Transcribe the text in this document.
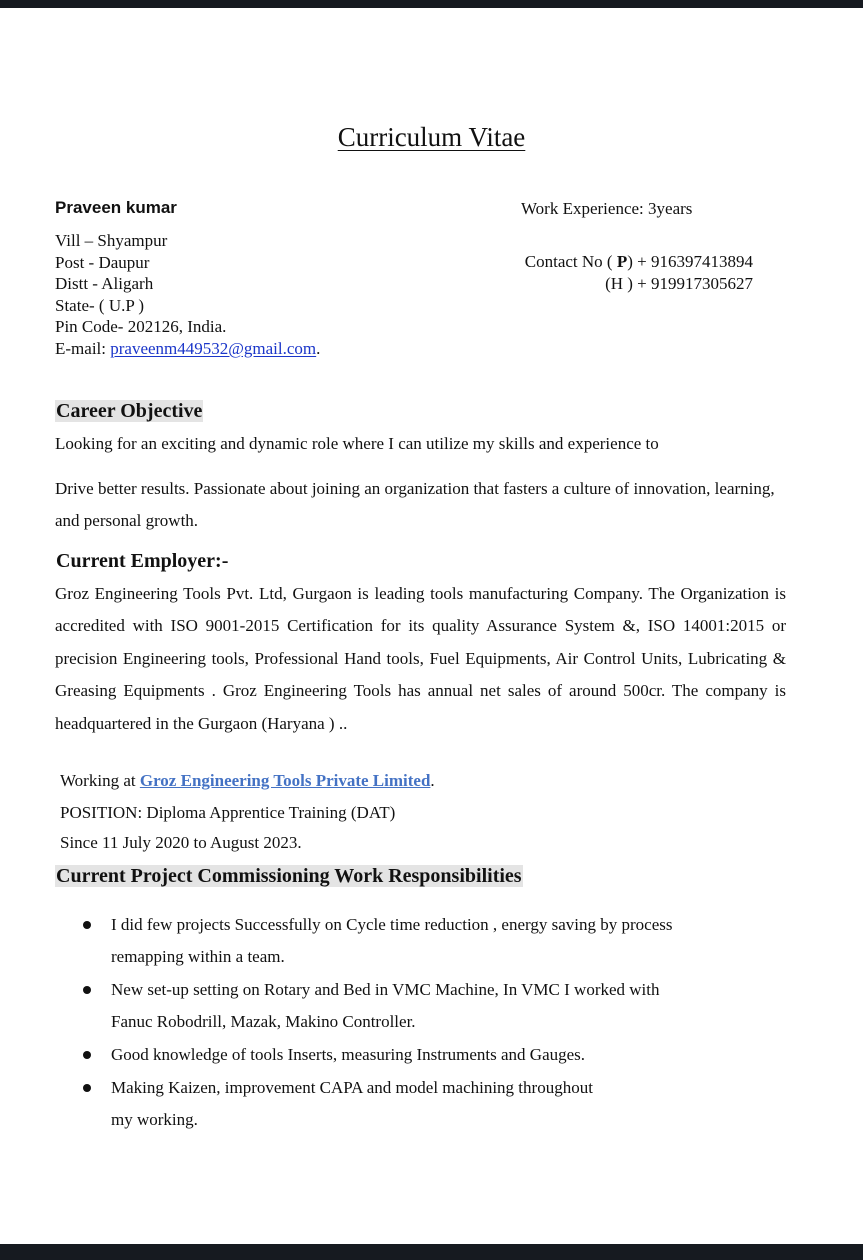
Curriculum Vitae
Praveen kumar	Work Experience: 3years
Vill – Shyampur
Post - Daupur
Distt - Aligarh
State- ( U.P )
Pin Code- 202126, India.
E-mail: praveenm449532@gmail.com.
Contact No ( P) + 916397413894
(H ) + 919917305627
Career Objective
Looking for an exciting and dynamic role where I can utilize my skills and experience to
Drive better results. Passionate about joining an organization that fasters a culture of innovation, learning, and personal growth.
Current Employer:-
Groz Engineering Tools Pvt. Ltd, Gurgaon is leading tools manufacturing Company. The Organization is accredited with ISO 9001-2015 Certification for its quality Assurance System &, ISO 14001:2015 or precision Engineering tools, Professional Hand tools, Fuel Equipments, Air Control Units, Lubricating & Greasing Equipments . Groz Engineering Tools has annual net sales of around 500cr. The company is headquartered in the Gurgaon (Haryana ) ..
Working at Groz Engineering Tools Private Limited.
POSITION: Diploma Apprentice Training (DAT)
Since 11 July 2020 to August 2023.
Current Project Commissioning Work Responsibilities
I did few projects Successfully on Cycle time reduction , energy saving by process
remapping within a team.
New set-up setting on Rotary and Bed in VMC Machine, In VMC I worked with
Fanuc Robodrill, Mazak, Makino Controller.
Good knowledge of tools Inserts, measuring Instruments and Gauges.
Making Kaizen, improvement CAPA and model machining throughout
my working.
